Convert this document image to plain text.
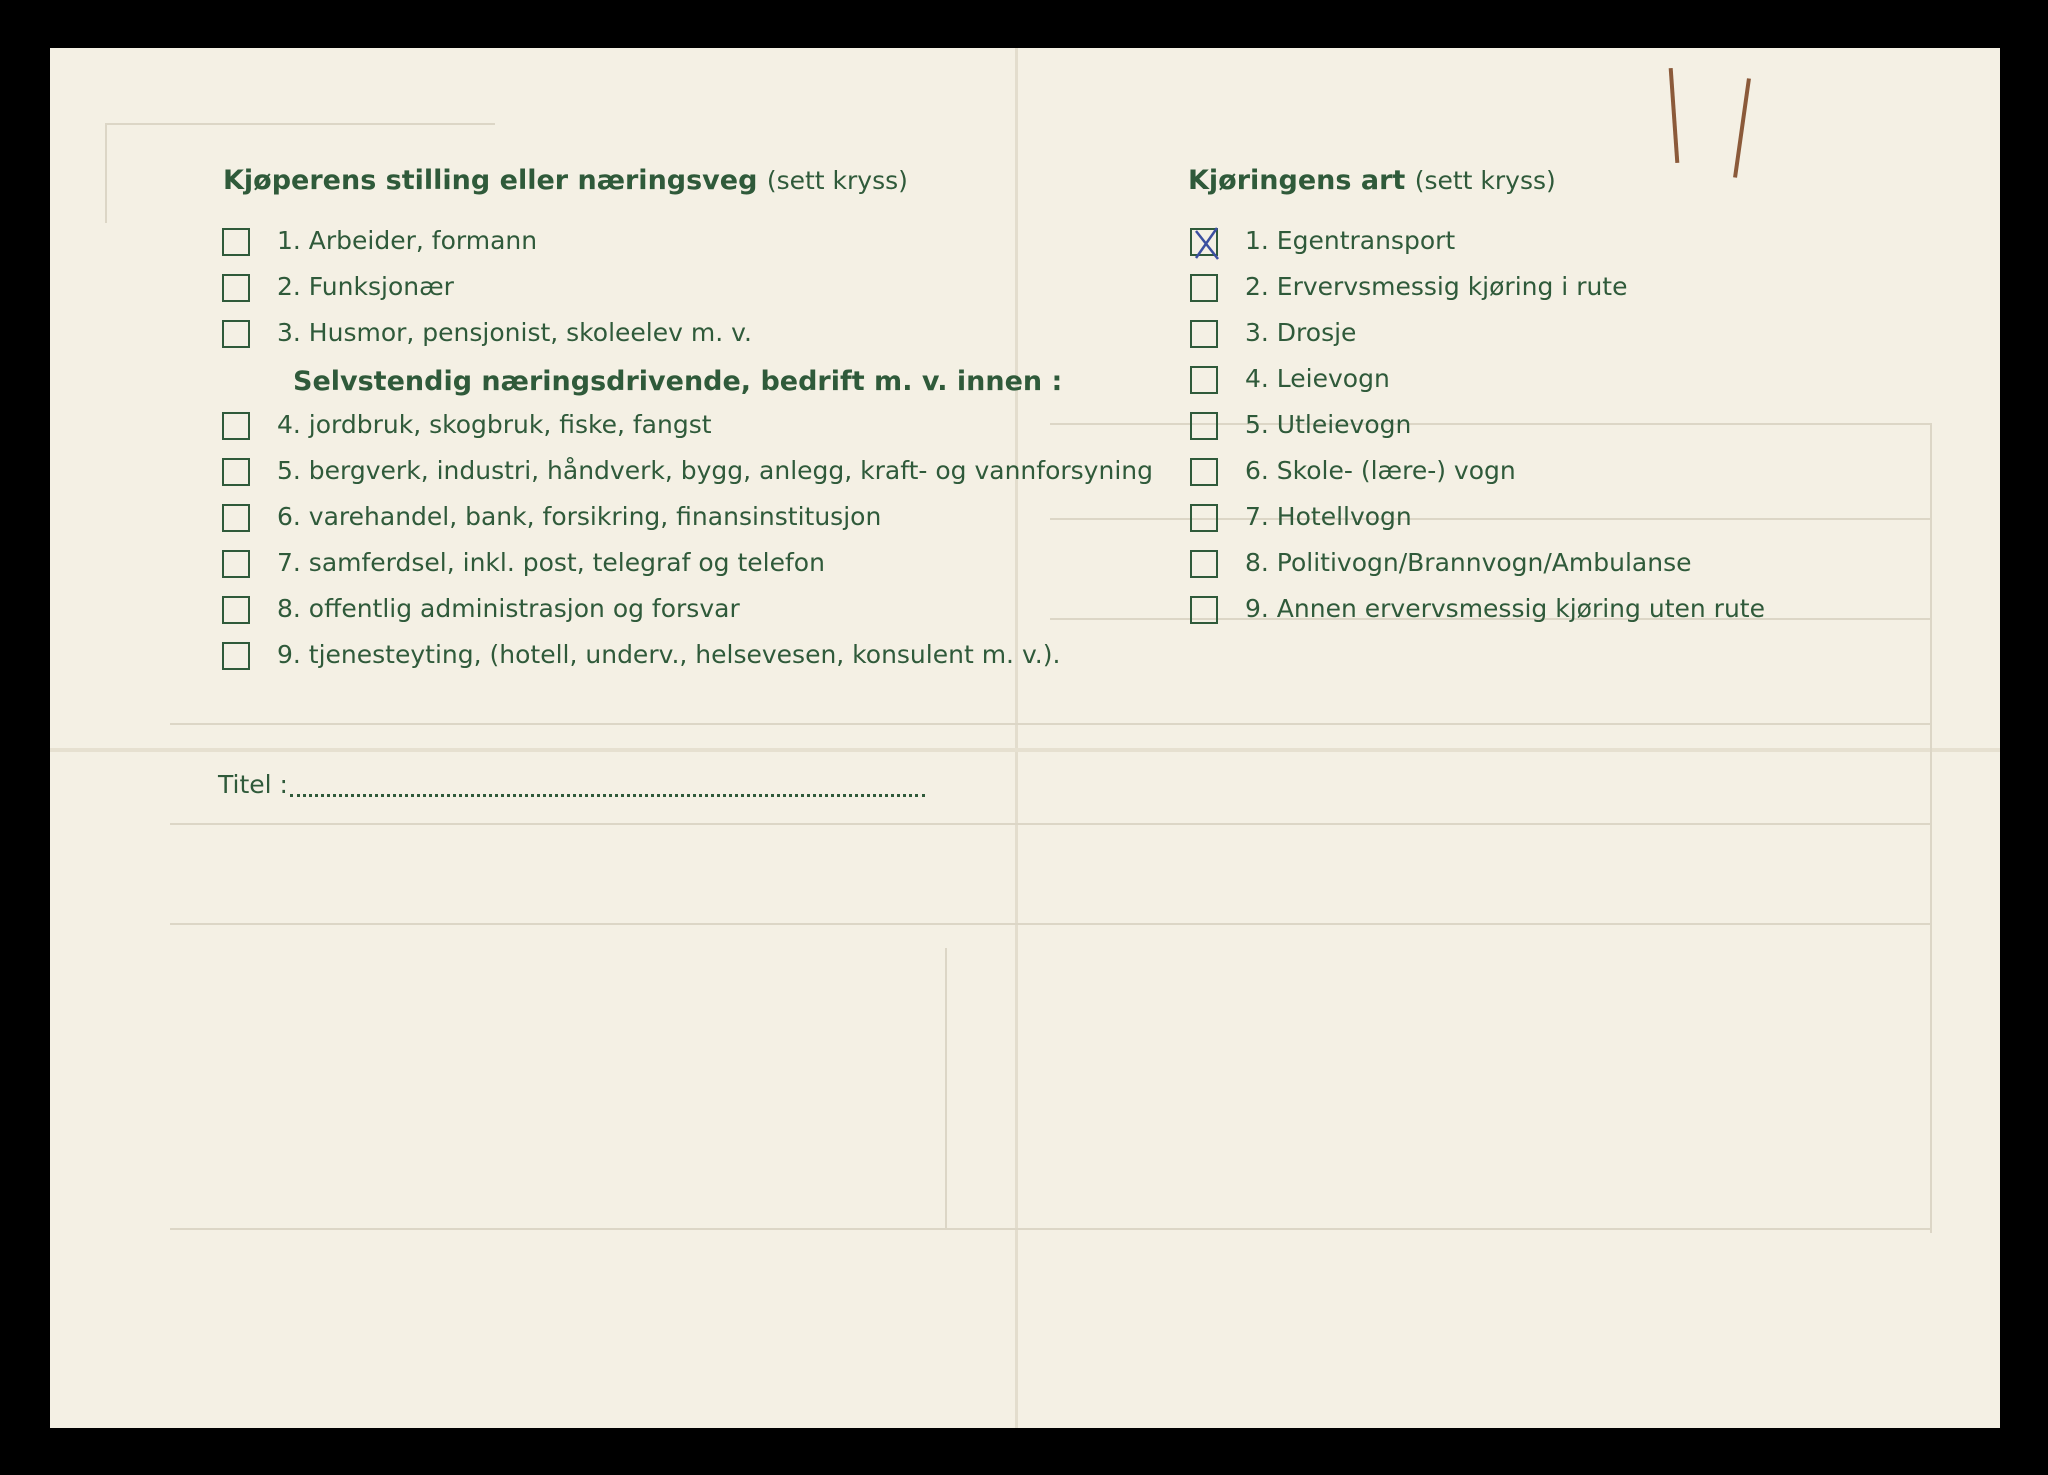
Kjøperens stilling eller næringsveg (sett kryss)
1. Arbeider, formann
2. Funksjonær
3. Husmor, pensjonist, skoleelev m. v.
Selvstendig næringsdrivende, bedrift m. v. innen :
4. jordbruk, skogbruk, fiske, fangst
5. bergverk, industri, håndverk, bygg, anlegg, kraft- og vannforsyning
6. varehandel, bank, forsikring, finansinstitusjon
7. samferdsel, inkl. post, telegraf og telefon
8. offentlig administrasjon og forsvar
9. tjenesteyting, (hotell, underv., helsevesen, konsulent m. v.).
Titel :
Kjøringens art (sett kryss)
1. Egentransport
2. Ervervsmessig kjøring i rute
3. Drosje
4. Leievogn
5. Utleievogn
6. Skole- (lære-) vogn
7. Hotellvogn
8. Politivogn/Brannvogn/Ambulanse
9. Annen ervervsmessig kjøring uten rute
